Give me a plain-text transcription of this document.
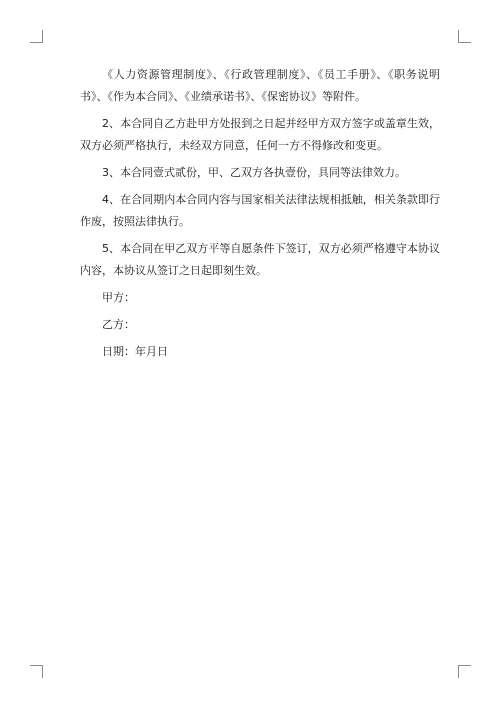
《人力资源管理制度》、《行政管理制度》、《员工手册》、《职务说明书》、《作为本合同》、《业绩承诺书》、《保密协议》等附件。

2、本合同自乙方赴甲方处报到之日起并经甲方双方签字或盖章生效，双方必须严格执行，未经双方同意，任何一方不得修改和变更。

3、本合同壹式贰份，甲、乙双方各执壹份，具同等法律效力。

4、在合同期内本合同内容与国家相关法律法规相抵触，相关条款即行作废，按照法律执行。

5、本合同在甲乙双方平等自愿条件下签订，双方必须严格遵守本协议内容，本协议从签订之日起即刻生效。

甲方：

乙方：

日期：年月日
